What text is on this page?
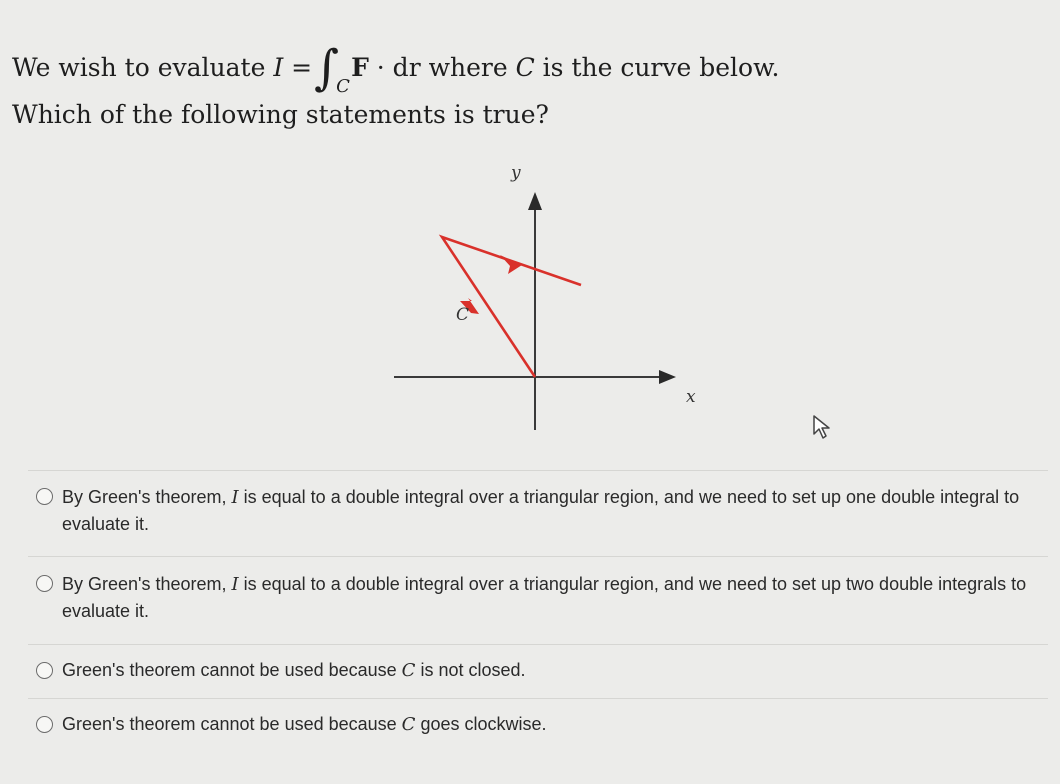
We wish to evaluate I =∫
C
F · dr where C is the curve below.
Which of the following statements is true?
x
y
C
By Green's theorem, I is equal to a double integral over a triangular region, and we need to set up one double integral to evaluate it.
By Green's theorem, I is equal to a double integral over a triangular region, and we need to set up two double integrals to evaluate it.
Green's theorem cannot be used because C is not closed.
Green's theorem cannot be used because C goes clockwise.
